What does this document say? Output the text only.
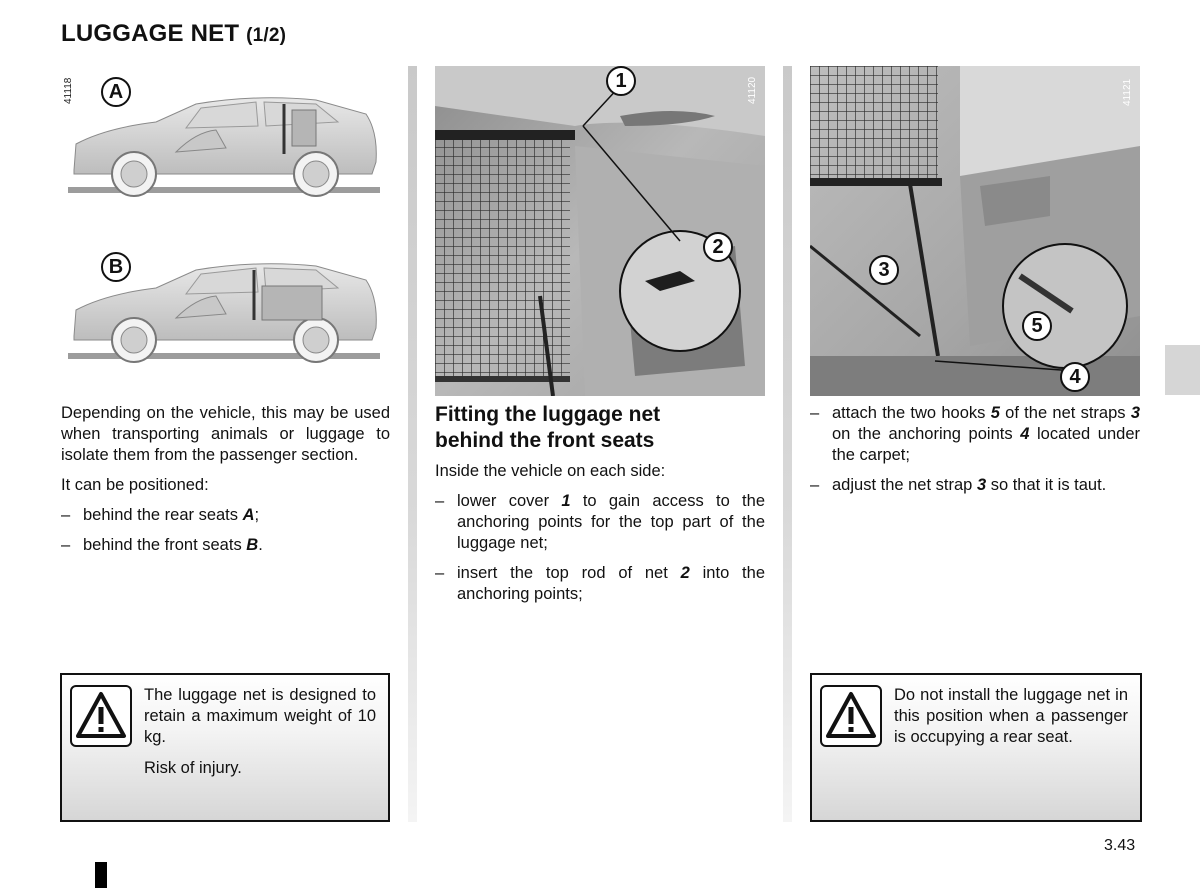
LUGGAGE NET (1/2)
41118	A
B

Depending on the vehicle, this may be used when transporting animals or luggage to isolate them from the passenger section.

It can be positioned:

– behind the rear seats A;
– behind the front seats B.
1
2
41120
Fitting the luggage net
behind the front seats

Inside the vehicle on each side:

– lower cover 1 to gain access to the anchoring points for the top part of the luggage net;
– insert the top rod of net 2 into the anchoring points;
3
4
5
41121
– attach the two hooks 5 of the net straps 3 on the anchoring points 4 located under the carpet;
– adjust the net strap 3 so that it is taut.

The luggage net is designed to retain a maximum weight of 10 kg.

Risk of injury.

Do not install the luggage net in this position when a passenger is occupying a rear seat.

3.43
